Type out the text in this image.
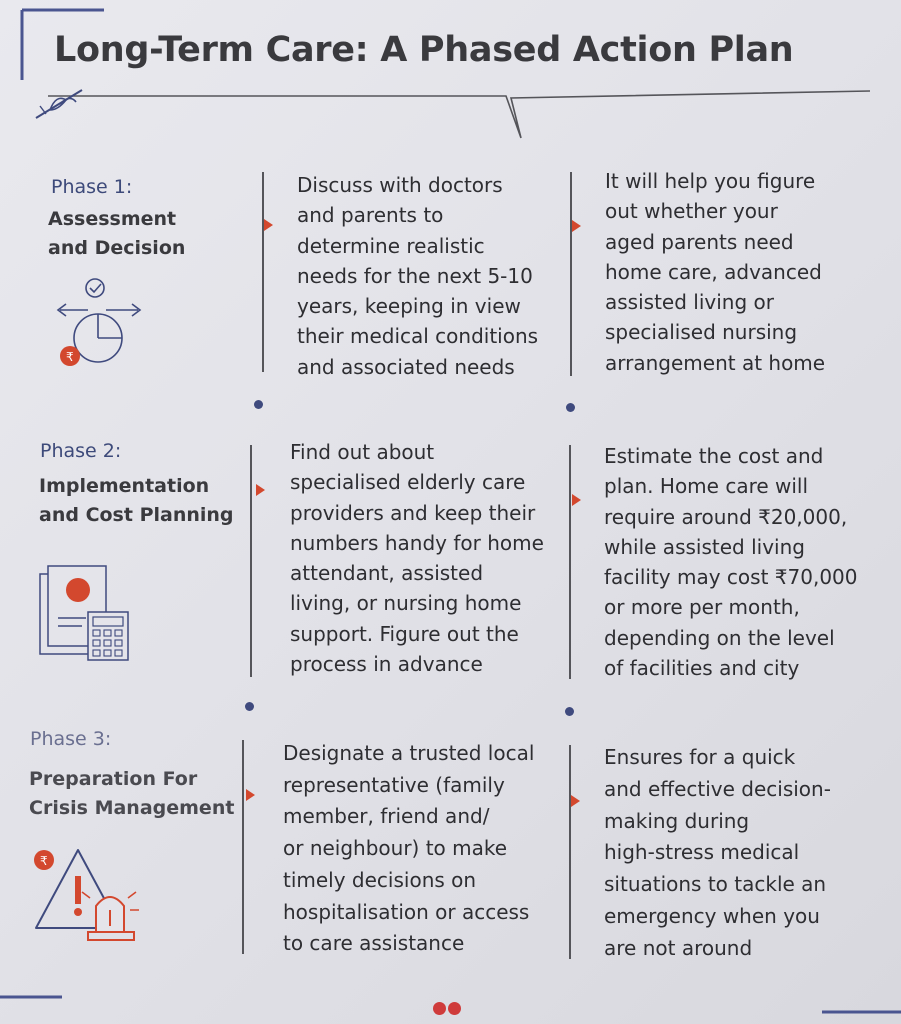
Long-Term Care: A Phased Action Plan
Phase 1:
Assessment
and Decision
₹
Discuss with doctors
and parents to
determine realistic
needs for the next 5-10
years, keeping in view
their medical conditions
and associated needs
It will help you figure
out whether your
aged parents need
home care, advanced
assisted living or
specialised nursing
arrangement at home
Phase 2:
Implementation
and Cost Planning
Find out about
specialised elderly care
providers and keep their
numbers handy for home
attendant, assisted
living, or nursing home
support. Figure out the
process in advance
Estimate the cost and
plan. Home care will
require around ₹20,000,
while assisted living
facility may cost ₹70,000
or more per month,
depending on the level
of facilities and city
Phase 3:
Preparation For
Crisis Management
₹
Designate a trusted local
representative (family
member, friend and/
or neighbour) to make
timely decisions on
hospitalisation or access
to care assistance
Ensures for a quick
and effective decision-
making during
high-stress medical
situations to tackle an
emergency when you
are not around
